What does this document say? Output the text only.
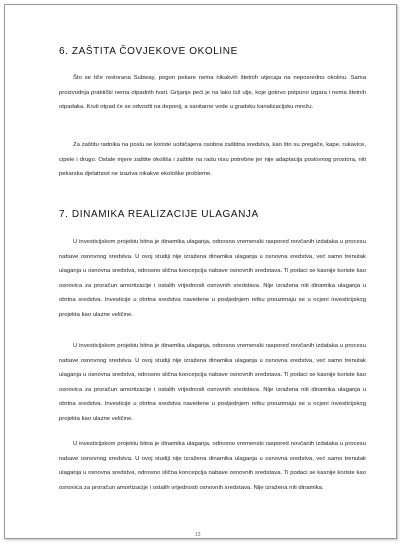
6. ZAŠTITA ČOVJEKOVE OKOLINE

Što se tiče restorana Subway, pogon pekare nema nikakvih štetnih utjecaja na neposrednu okolinu. Sama proizvodnja praktički nema otpadnih tvari. Grijanje peći je na lako lož ulje, koje gotovo potpuno izgara i nema štetnih otpadaka. Kruti otpad će se odvoziti na deponij, a sanitarne vode u gradsku kanalizacijsku mrežu.

Za zaštitu radnika na poslu se koriste uobičajena osobna zaštitna sredstva, kao što su pregače, kape, rukavice, cipele i drugo. Ostale mjere zaštite okoliša i zaštite na radu nisu potrebne jer nije adaptacija poslovnog prostora, niti pekarska djelatnost ne izaziva nikakve ekološke probleme.

7. DINAMIKA REALIZACIJE ULAGANJA

U investicijskom projektu bitna je dinamika ulaganja, odnosno vremenski raspored novčanih izdataka u procesu nabave osnovnog sredstva. U ovoj studiji nije izražena dinamika ulaganja u osnovna sredstva, već samo trenutak ulaganja u osnovna sredstva, odnosno slična koncepcija nabave osnovnih sredstava. Ti podaci se kasnije koriste kao osnovica za proračun amortizacije i ostalih vrijednosti osnovnih sredstava. Nije izražena niti dinamika ulaganja u obrtna sredstva. Investicije u obrtna sredstva navedene u posljednjem retku preuzimaju se u ocjeni investicijskog projekta kao ulazne veličine.

U investicijskom projektu bitna je dinamika ulaganja, odnosno vremenski raspored novčanih izdataka u procesu nabave osnovnog sredstva. U ovoj studiji nije izražena dinamika ulaganja u osnovna sredstva, već samo trenutak ulaganja u osnovna sredstva, odnosno slična koncepcija nabave osnovnih sredstava. Ti podaci se kasnije koriste kao osnovica za proračun amortizacije i ostalih vrijednosti osnovnih sredstava. Nije izražena niti dinamika ulaganja u obrtna sredstva. Investicije u obrtna sredstva navedene u posljednjem retku preuzimaju se u ocjeni investicijskog projekta kao ulazne veličine.

U investicijskom projektu bitna je dinamika ulaganja, odnosno vremenski raspored novčanih izdataka u procesu nabave osnovnog sredstva. U ovoj studiji nije izražena dinamika ulaganja u osnovna sredstva, već samo trenutak ulaganja u osnovna sredstva, odnosno slična koncepcija nabave osnovnih sredstava. Ti podaci se kasnije koriste kao osnovica za proračun amortizacije i ostalih vrijednosti osnovnih sredstava. Nije izražena niti dinamika.

13
